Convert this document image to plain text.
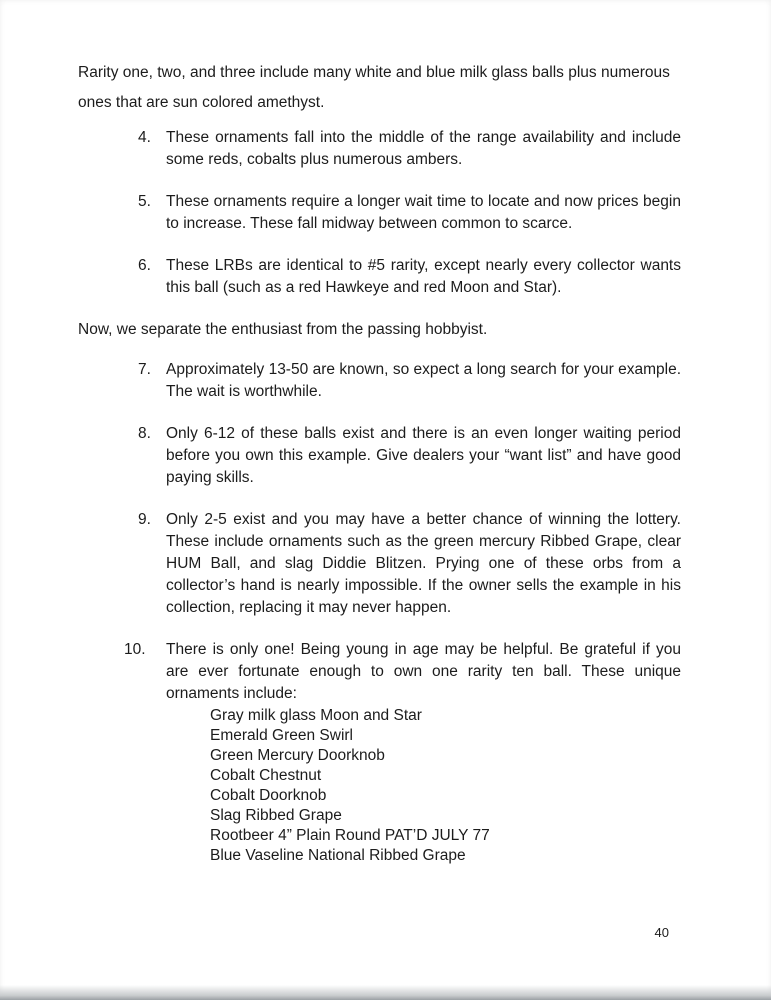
Rarity one, two, and three include many white and blue milk glass balls plus numerous ones that are sun colored amethyst.

4. These ornaments fall into the middle of the range availability and include some reds, cobalts plus numerous ambers.
5. These ornaments require a longer wait time to locate and now prices begin to increase. These fall midway between common to scarce.
6. These LRBs are identical to #5 rarity, except nearly every collector wants this ball (such as a red Hawkeye and red Moon and Star).

Now, we separate the enthusiast from the passing hobbyist.

7. Approximately 13-50 are known, so expect a long search for your example. The wait is worthwhile.
8. Only 6-12 of these balls exist and there is an even longer waiting period before you own this example. Give dealers your “want list” and have good paying skills.
9. Only 2-5 exist and you may have a better chance of winning the lottery. These include ornaments such as the green mercury Ribbed Grape, clear HUM Ball, and slag Diddie Blitzen. Prying one of these orbs from a collector’s hand is nearly impossible. If the owner sells the example in his collection, replacing it may never happen.
10.	There is only one! Being young in age may be helpful. Be grateful if you are ever fortunate enough to own one rarity ten ball. These unique ornaments include:
Gray milk glass Moon and Star
Emerald Green Swirl
Green Mercury Doorknob
Cobalt Chestnut
Cobalt Doorknob
Slag Ribbed Grape
Rootbeer 4” Plain Round PAT’D JULY 77
Blue Vaseline National Ribbed Grape
40
